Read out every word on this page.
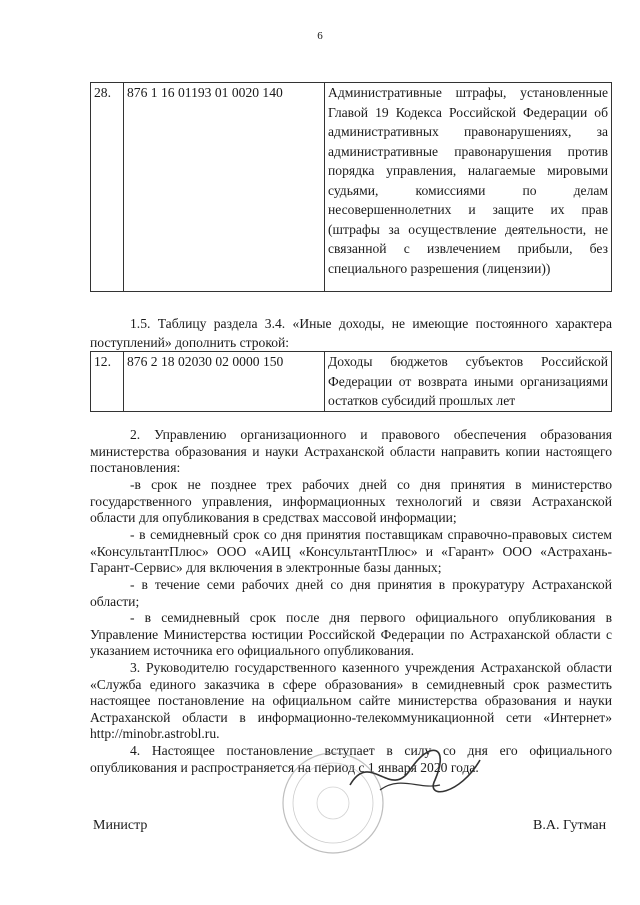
6
28.	876 1 16 01193 01 0020 140	Административные штрафы, установленные Главой 19 Кодекса Российской Федерации об административных правонарушениях, за административные правонарушения против порядка управления, налагаемые мировыми судьями, комиссиями по делам несовершеннолетних и защите их прав (штрафы за осуществление деятельности, не связанной с извлечением прибыли, без специального разрешения (лицензии))

1.5. Таблицу раздела 3.4. «Иные доходы, не имеющие постоянного характера поступлений» дополнить строкой:

12.	876 2 18 02030 02 0000 150	Доходы бюджетов субъектов Российской Федерации от возврата иными организациями остатков субсидий прошлых лет

2. Управлению организационного и правового обеспечения образования министерства образования и науки Астраханской области направить копии настоящего постановления:

-в срок не позднее трех рабочих дней со дня принятия в министерство государственного управления, информационных технологий и связи Астраханской области для опубликования в средствах массовой информации;

- в семидневный срок со дня принятия поставщикам справочно-правовых систем «КонсультантПлюс» ООО «АИЦ «КонсультантПлюс» и «Гарант» ООО «Астрахань-Гарант-Сервис» для включения в электронные базы данных;

- в течение семи рабочих дней со дня принятия в прокуратуру Астраханской области;

- в семидневный срок после дня первого официального опубликования в Управление Министерства юстиции Российской Федерации по Астраханской области с указанием источника его официального опубликования.

3. Руководителю государственного казенного учреждения Астраханской области «Служба единого заказчика в сфере образования» в семидневный срок разместить настоящее постановление на официальном сайте министерства образования и науки Астраханской области в информационно-телекоммуникационной сети «Интернет» http://minobr.astrobl.ru.

4. Настоящее постановление вступает в силу со дня его официального опубликования и распространяется на период с 1 января 2020 года.

Министр	В.А. Гутман
